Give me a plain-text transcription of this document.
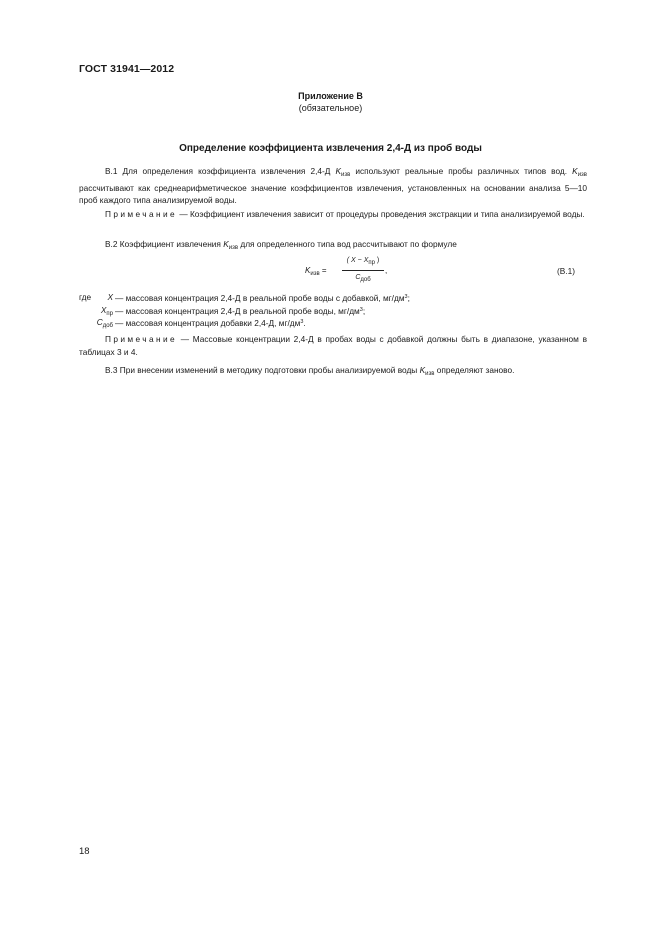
ГОСТ 31941—2012
Приложение В
(обязательное)
Определение коэффициента извлечения 2,4-Д из проб воды
В.1 Для определения коэффициента извлечения 2,4-Д $K_{изв}$ используют реальные пробы различных типов вод. $K_{изв}$ рассчитывают как среднеарифметическое значение коэффициентов извлечения, установленных на основании анализа 5—10 проб каждого типа анализируемой воды.
Примечание — Коэффициент извлечения зависит от процедуры проведения экстракции и типа анализируемой воды.
В.2 Коэффициент извлечения $K_{изв}$ для определенного типа вод рассчитывают по формуле
$K_{изв}$ =
( $X - X_{пр}$ )
$C_{доб}$
,	(В.1)
где	X — массовая концентрация 2,4-Д в реальной пробе воды с добавкой, $мг/дм^3$;
$X_{пр}$ — массовая концентрация 2,4-Д в реальной пробе воды, $мг/дм^3$;
$C_{доб}$ — массовая концентрация добавки 2,4-Д, $мг/дм^3$.
Примечание — Массовые концентрации 2,4-Д в пробах воды с добавкой должны быть в диапазоне, указанном в таблицах 3 и 4.
В.3 При внесении изменений в методику подготовки пробы анализируемой воды $K_{изв}$ определяют заново.
18
